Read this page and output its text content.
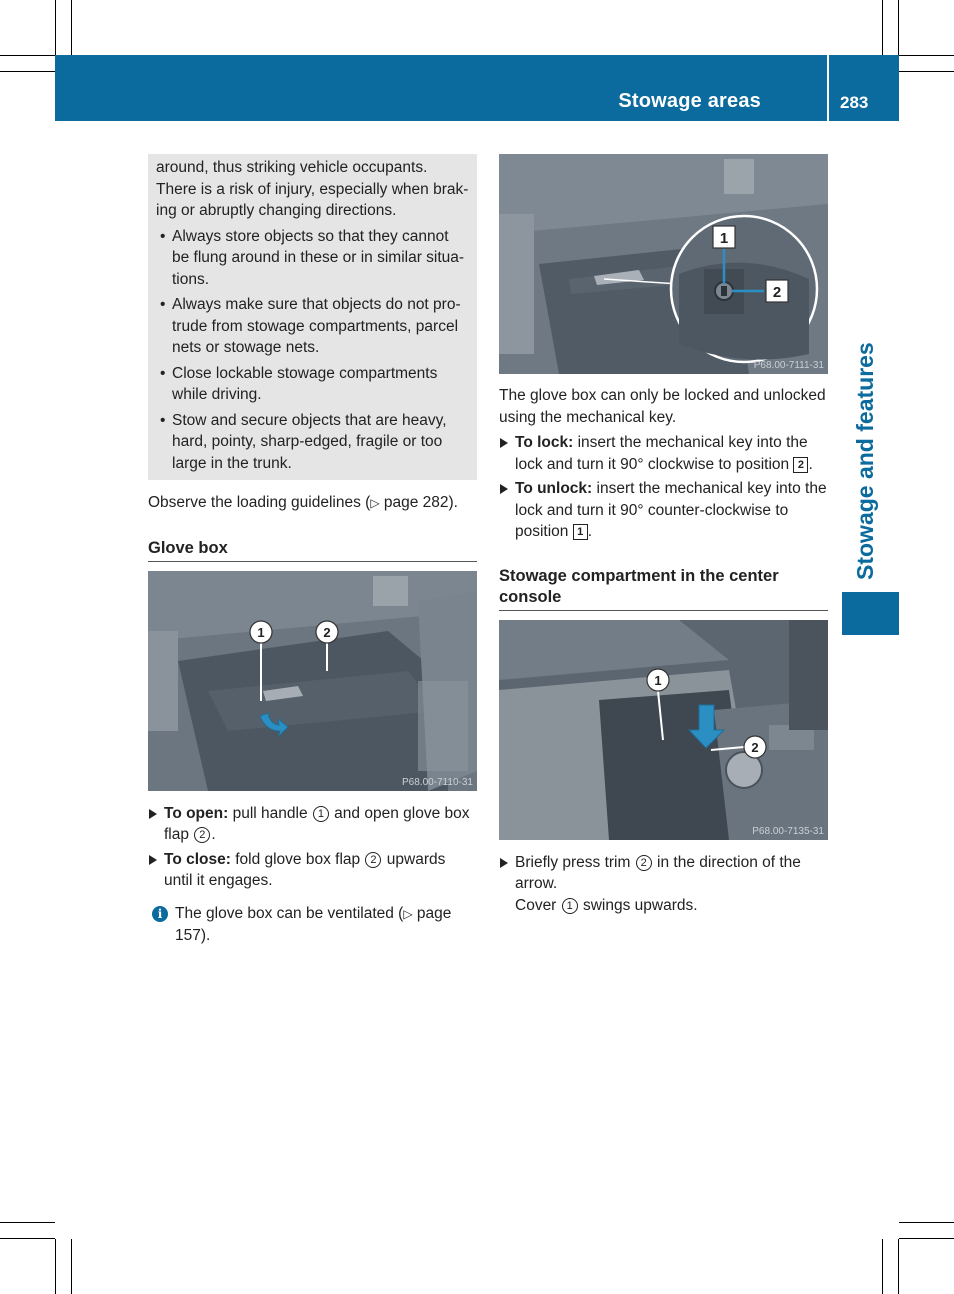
Stowage areas	283
Stowage and features

around, thus striking vehicle occupants. There is a risk of injury, especially when brak-ing or abruptly changing directions.

• Always store objects so that they cannot be flung around in these or in similar situa-tions.
• Always make sure that objects do not pro-trude from stowage compartments, parcel nets or stowage nets.
• Close lockable stowage compartments while driving.
• Stow and secure objects that are heavy, hard, pointy, sharp-edged, fragile or too large in the trunk.

Observe the loading guidelines (▷ page 282).

Glove box
1	2
P68.00-7110-31

To open: pull handle 1 and open glove box flap 2 .

To close: fold glove box flap 2 upwards until it engages.

i The glove box can be ventilated (▷ page 157).

1
2
P68.00-7111-31

The glove box can only be locked and unlocked using the mechanical key.

To lock: insert the mechanical key into the lock and turn it 90° clockwise to position 2 .

To unlock: insert the mechanical key into the lock and turn it 90° counter-clockwise to position 1 .

Stowage compartment in the center console
1
2
P68.00-7135-31

Briefly press trim 2 in the direction of the arrow.

Cover 1 swings upwards.
